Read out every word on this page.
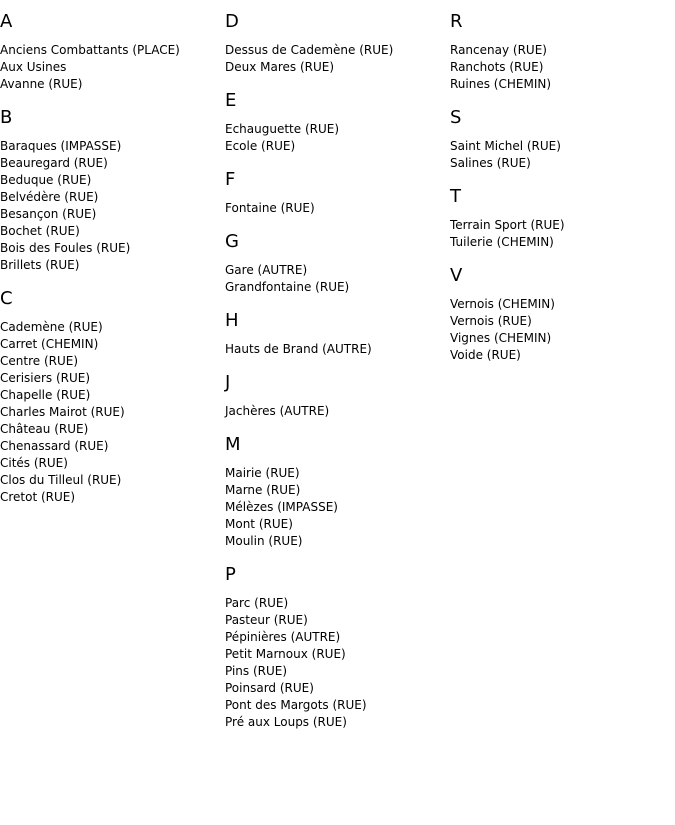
A
Anciens Combattants (PLACE)
Aux Usines
Avanne (RUE)
B
Baraques (IMPASSE)
Beauregard (RUE)
Beduque (RUE)
Belvédère (RUE)
Besançon (RUE)
Bochet (RUE)
Bois des Foules (RUE)
Brillets (RUE)
C
Cademène (RUE)
Carret (CHEMIN)
Centre (RUE)
Cerisiers (RUE)
Chapelle (RUE)
Charles Mairot (RUE)
Château (RUE)
Chenassard (RUE)
Cités (RUE)
Clos du Tilleul (RUE)
Cretot (RUE)
D
Dessus de Cademène (RUE)
Deux Mares (RUE)
E
Echauguette (RUE)
Ecole (RUE)
F
Fontaine (RUE)
G
Gare (AUTRE)
Grandfontaine (RUE)
H
Hauts de Brand (AUTRE)
J
Jachères (AUTRE)
M
Mairie (RUE)
Marne (RUE)
Mélèzes (IMPASSE)
Mont (RUE)
Moulin (RUE)
P
Parc (RUE)
Pasteur (RUE)
Pépinières (AUTRE)
Petit Marnoux (RUE)
Pins (RUE)
Poinsard (RUE)
Pont des Margots (RUE)
Pré aux Loups (RUE)
R
Rancenay (RUE)
Ranchots (RUE)
Ruines (CHEMIN)
S
Saint Michel (RUE)
Salines (RUE)
T
Terrain Sport (RUE)
Tuilerie (CHEMIN)
V
Vernois (CHEMIN)
Vernois (RUE)
Vignes (CHEMIN)
Voide (RUE)
